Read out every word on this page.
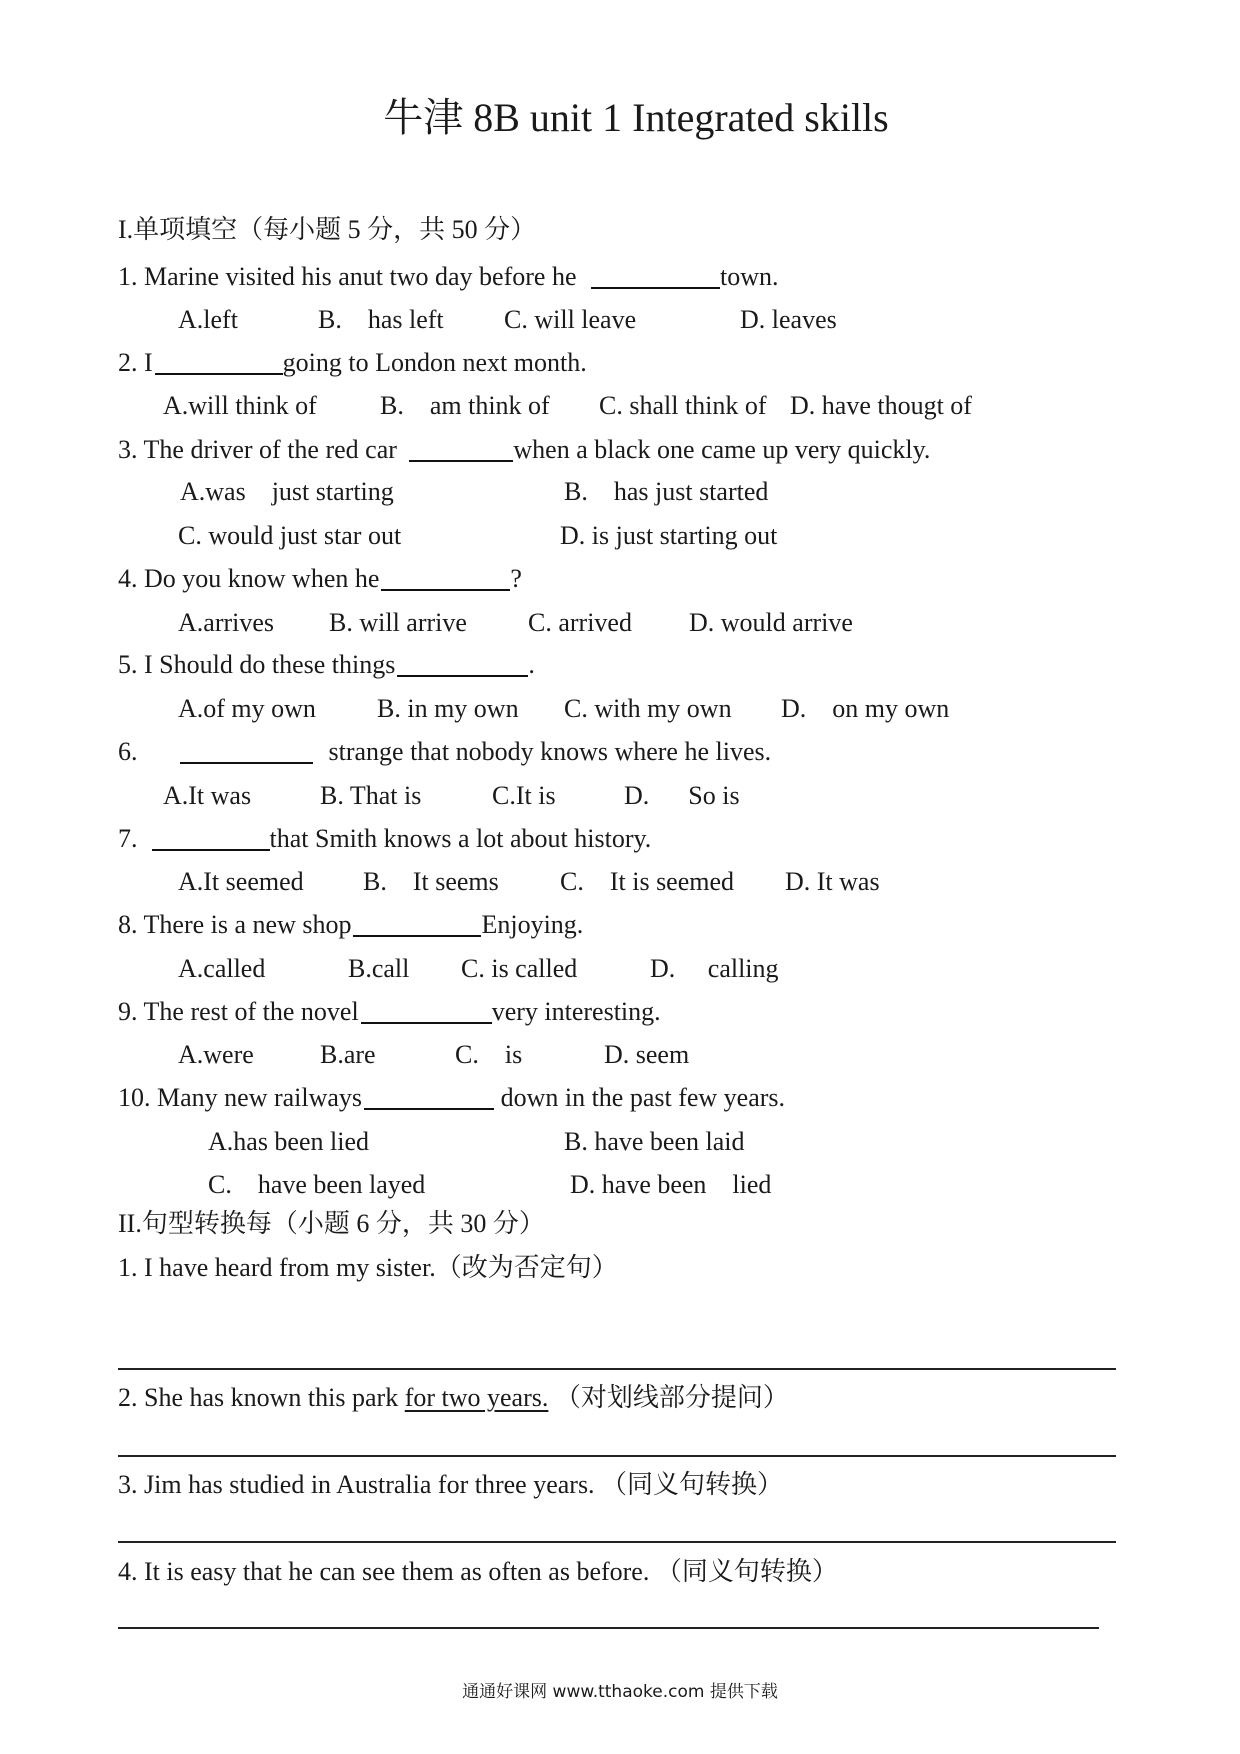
牛津 8B unit 1 Integrated skills
I.单项填空（每小题 5 分，共 50 分）
1. Marine visited his anut two day before he	town.

A.left

	B.    has left

C. will leave

	D. leaves

2. I	going to London next month.

A.will think of

B.    am think of

C. shall think of

D. have thougt of

3. The driver of the red car	when a black one came up very quickly.

A.was    just starting

	B.    has just started

C. would just star out

	D. is just starting out

4. Do you know when he	?

A.arrives

B. will arrive

C. arrived

D. would arrive

5. I Should do these things	.

A.of my own

B. in my own

C. with my own

D.    on my own

6.	strange that nobody knows where he lives.

A.It was

	B. That is

	C.It is

	D.      So is

7.	that Smith knows a lot about history.

A.It seemed

B.    It seems

C.    It is seemed

D. It was

8. There is a new shop	Enjoying.

A.called

	B.call

C. is called

	D.     calling

9. The rest of the novel	very interesting.

A.were

	B.are

	C.    is

	D. seem

10. Many new railways	down in the past few years.

A.has been lied

	B. have been laid

C.    have been layed

	D. have been    lied

II.句型转换每（小题 6 分，共 30 分）
1. I have heard from my sister.（改为否定句）
2. She has known this park for two years. （对划线部分提问）
3. Jim has studied in Australia for three years. （同义句转换）
4. It is easy that he can see them as often as before. （同义句转换）
通通好课网 www.tthaoke.com 提供下载
